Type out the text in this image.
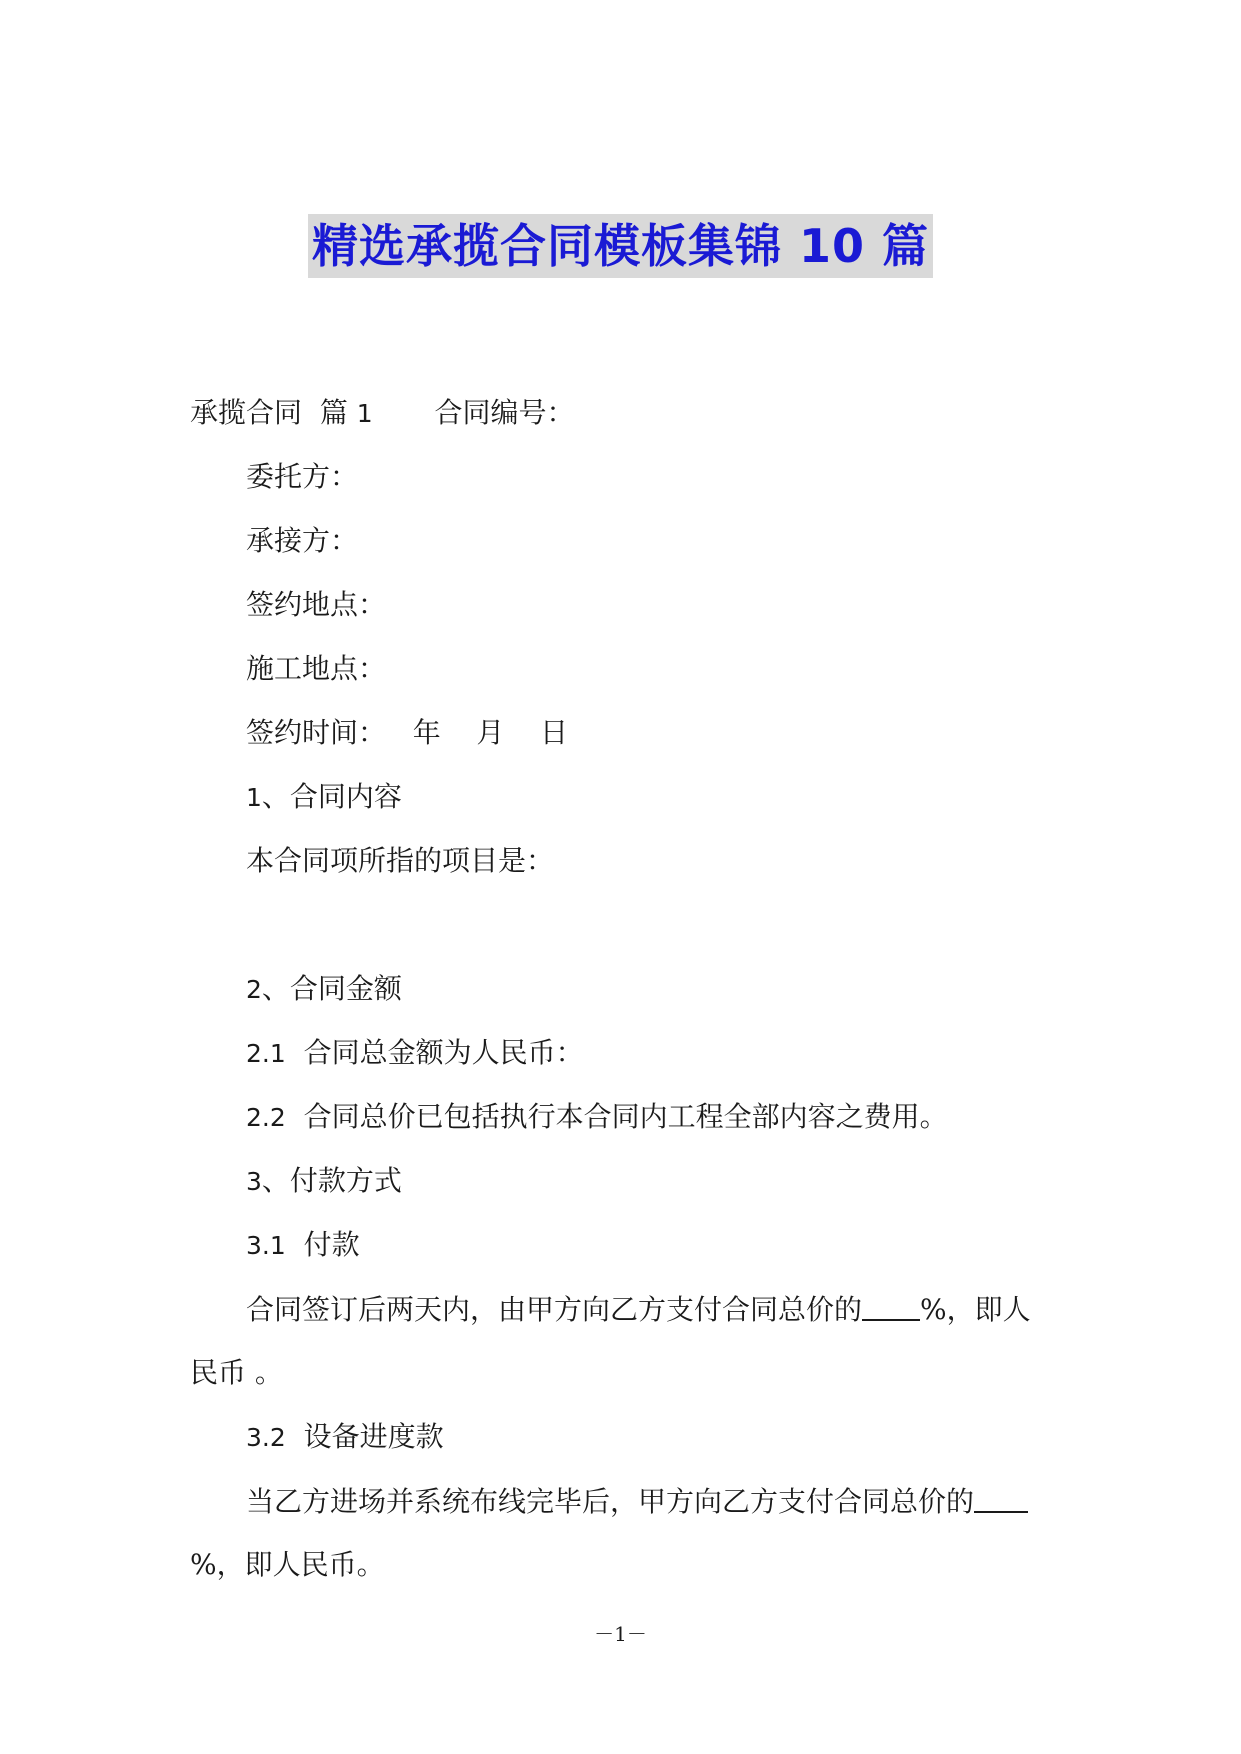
精选承揽合同模板集锦 10 篇
承揽合同 篇 1 合同编号：
委托方：
承接方：
签约地点：
施工地点：
签约时间： 年 月 日
1、合同内容
本合同项所指的项目是：
2、合同金额
2.1 合同总金额为人民币：
2.2 合同总价已包括执行本合同内工程全部内容之费用。
3、付款方式
3.1 付款
合同签订后两天内，由甲方向乙方支付合同总价的 %，即人
民币 。
3.2 设备进度款
当乙方进场并系统布线完毕后，甲方向乙方支付合同总价的
%，即人民币。
－1－
